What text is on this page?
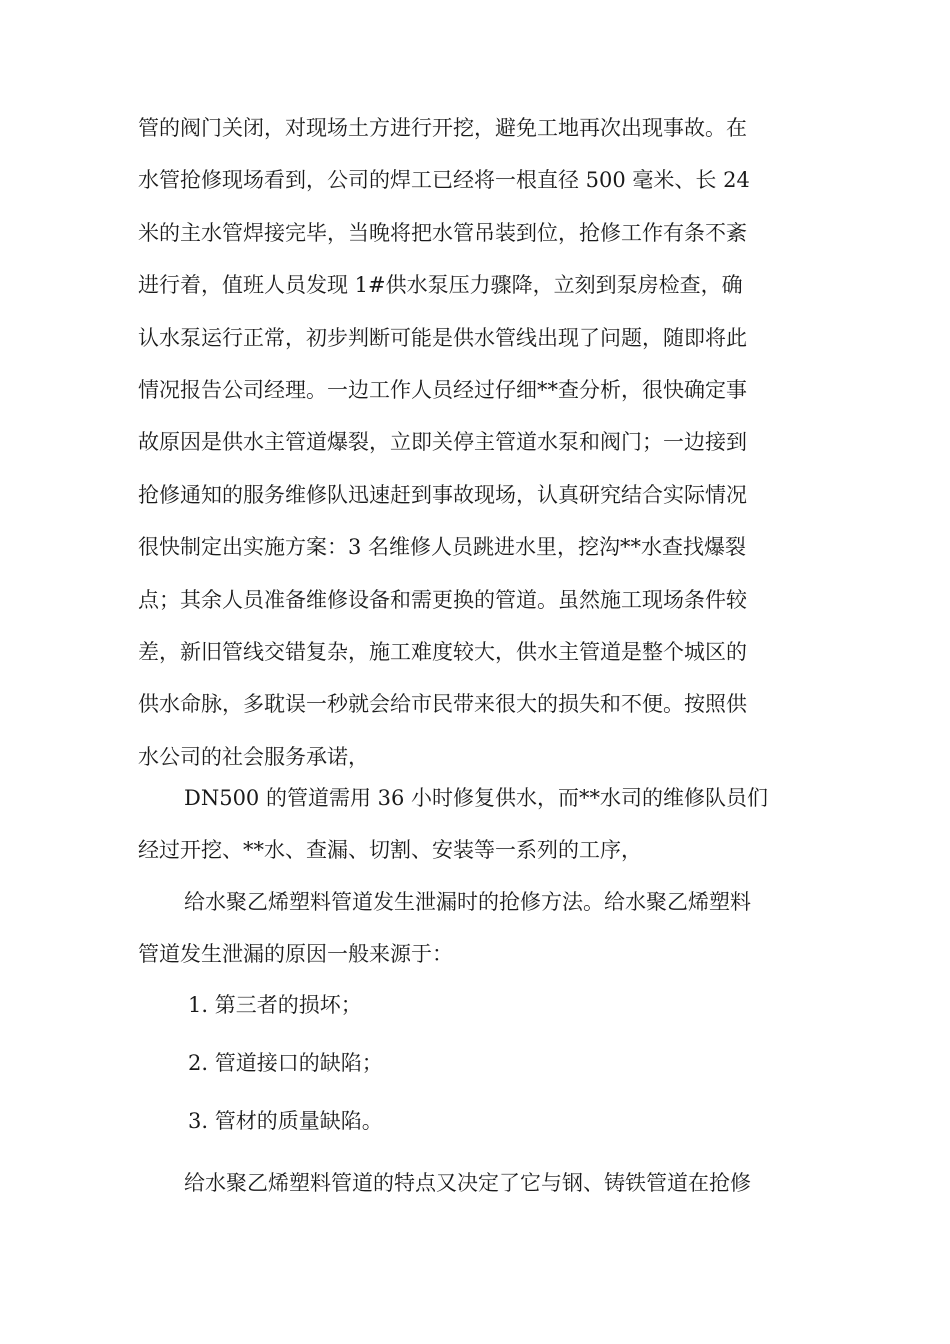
管的阀门关闭，对现场土方进行开挖，避免工地再次出现事故。在
水管抢修现场看到，公司的焊工已经将一根直径 500 毫米、长 24
米的主水管焊接完毕，当晚将把水管吊装到位，抢修工作有条不紊
进行着，值班人员发现 1#供水泵压力骤降，立刻到泵房检查，确
认水泵运行正常，初步判断可能是供水管线出现了问题，随即将此
情况报告公司经理。一边工作人员经过仔细**查分析，很快确定事
故原因是供水主管道爆裂，立即关停主管道水泵和阀门；一边接到
抢修通知的服务维修队迅速赶到事故现场，认真研究结合实际情况
很快制定出实施方案：3 名维修人员跳进水里，挖沟**水查找爆裂
点；其余人员准备维修设备和需更换的管道。虽然施工现场条件较
差，新旧管线交错复杂，施工难度较大，供水主管道是整个城区的
供水命脉，多耽误一秒就会给市民带来很大的损失和不便。按照供
水公司的社会服务承诺，
DN500 的管道需用 36 小时修复供水，而**水司的维修队员们
经过开挖、**水、查漏、切割、安装等一系列的工序，
给水聚乙烯塑料管道发生泄漏时的抢修方法。给水聚乙烯塑料
管道发生泄漏的原因一般来源于：
1. 第三者的损坏；
2. 管道接口的缺陷；
3. 管材的质量缺陷。
给水聚乙烯塑料管道的特点又决定了它与钢、铸铁管道在抢修
